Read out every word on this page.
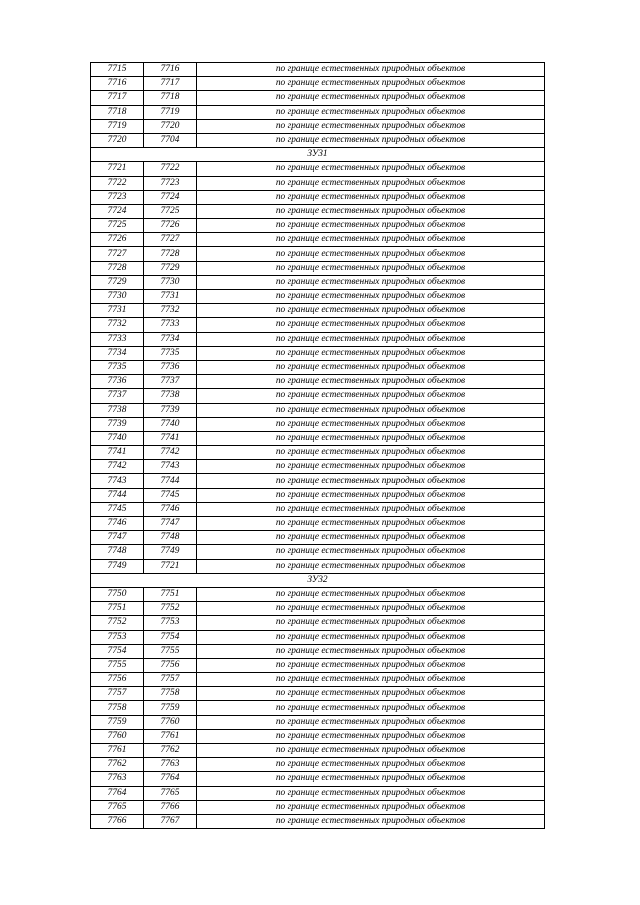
7715	7716	по границе естественных природных объектов
7716	7717	по границе естественных природных объектов
7717	7718	по границе естественных природных объектов
7718	7719	по границе естественных природных объектов
7719	7720	по границе естественных природных объектов
7720	7704	по границе естественных природных объектов
ЗУ31		
7721	7722	по границе естественных природных объектов
7722	7723	по границе естественных природных объектов
7723	7724	по границе естественных природных объектов
7724	7725	по границе естественных природных объектов
7725	7726	по границе естественных природных объектов
7726	7727	по границе естественных природных объектов
7727	7728	по границе естественных природных объектов
7728	7729	по границе естественных природных объектов
7729	7730	по границе естественных природных объектов
7730	7731	по границе естественных природных объектов
7731	7732	по границе естественных природных объектов
7732	7733	по границе естественных природных объектов
7733	7734	по границе естественных природных объектов
7734	7735	по границе естественных природных объектов
7735	7736	по границе естественных природных объектов
7736	7737	по границе естественных природных объектов
7737	7738	по границе естественных природных объектов
7738	7739	по границе естественных природных объектов
7739	7740	по границе естественных природных объектов
7740	7741	по границе естественных природных объектов
7741	7742	по границе естественных природных объектов
7742	7743	по границе естественных природных объектов
7743	7744	по границе естественных природных объектов
7744	7745	по границе естественных природных объектов
7745	7746	по границе естественных природных объектов
7746	7747	по границе естественных природных объектов
7747	7748	по границе естественных природных объектов
7748	7749	по границе естественных природных объектов
7749	7721	по границе естественных природных объектов
ЗУ32		
7750	7751	по границе естественных природных объектов
7751	7752	по границе естественных природных объектов
7752	7753	по границе естественных природных объектов
7753	7754	по границе естественных природных объектов
7754	7755	по границе естественных природных объектов
7755	7756	по границе естественных природных объектов
7756	7757	по границе естественных природных объектов
7757	7758	по границе естественных природных объектов
7758	7759	по границе естественных природных объектов
7759	7760	по границе естественных природных объектов
7760	7761	по границе естественных природных объектов
7761	7762	по границе естественных природных объектов
7762	7763	по границе естественных природных объектов
7763	7764	по границе естественных природных объектов
7764	7765	по границе естественных природных объектов
7765	7766	по границе естественных природных объектов
7766	7767	по границе естественных природных объектов
